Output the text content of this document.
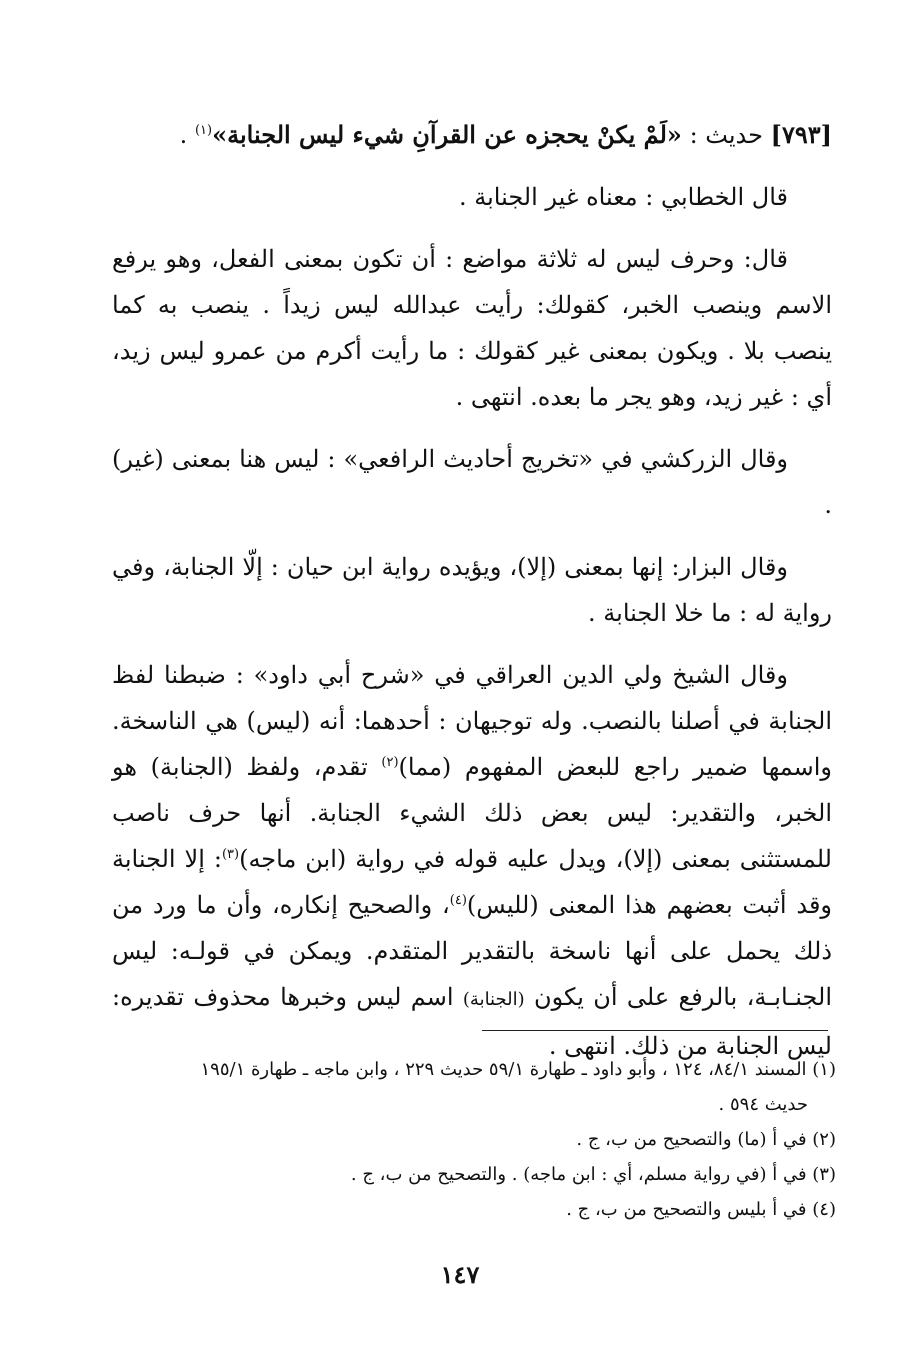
[٧٩٣] حديث : «لَمْ يكنْ يحجزه عن القرآنِ شيء ليس الجنابة»$^{(١)}$ .

قال الخطابي : معناه غير الجنابة .

قال: وحرف ليس له ثلاثة مواضع : أن تكون بمعنى الفعل، وهو يرفع الاسم وينصب الخبر، كقولك: رأيت عبدالله ليس زيداً . ينصب به كما ينصب بلا . ويكون بمعنى غير كقولك : ما رأيت أكرم من عمرو ليس زيد، أي : غير زيد، وهو يجر ما بعده. انتهى .

وقال الزركشي في «تخريج أحاديث الرافعي» : ليس هنا بمعنى (غير) .

وقال البزار: إنها بمعنى (إلا)، ويؤيده رواية ابن حيان : إلّا الجنابة، وفي رواية له : ما خلا الجنابة .

وقال الشيخ ولي الدين العراقي في «شرح أبي داود» : ضبطنا لفظ الجنابة في أصلنا بالنصب. وله توجيهان : أحدهما: أنه (ليس) هي الناسخة. واسمها ضمير راجع للبعض المفهوم (مما)$^{(٢)}$ تقدم، ولفظ (الجنابة) هو الخبر، والتقدير: ليس بعض ذلك الشيء الجنابة. أنها حرف ناصب للمستثنى بمعنى (إلا)، ويدل عليه قوله في رواية (ابن ماجه)$^{(٣)}$: إلا الجنابة وقد أثبت بعضهم هذا المعنى (لليس)$^{(٤)}$، والصحيح إنكاره، وأن ما ورد من ذلك يحمل على أنها ناسخة بالتقدير المتقدم. ويمكن في قولـه: ليس الجنـابـة، بالرفع على أن يكون (الجنابة) اسم ليس وخبرها محذوف تقديره: ليس الجنابة من ذلك. انتهى .

(١) المسند ٨٤/١، ١٢٤ ، وأبو داود ـ طهارة ٥٩/١ حديث ٢٢٩ ، وابن ماجه ـ طهارة ١٩٥/١

حديث ٥٩٤ .

(٢) في أ (ما) والتصحيح من ب، ج .

(٣) في أ (في رواية مسلم، أي : ابن ماجه) . والتصحيح من ب، ج .

(٤) في أ بليس والتصحيح من ب، ج .

١٤٧
